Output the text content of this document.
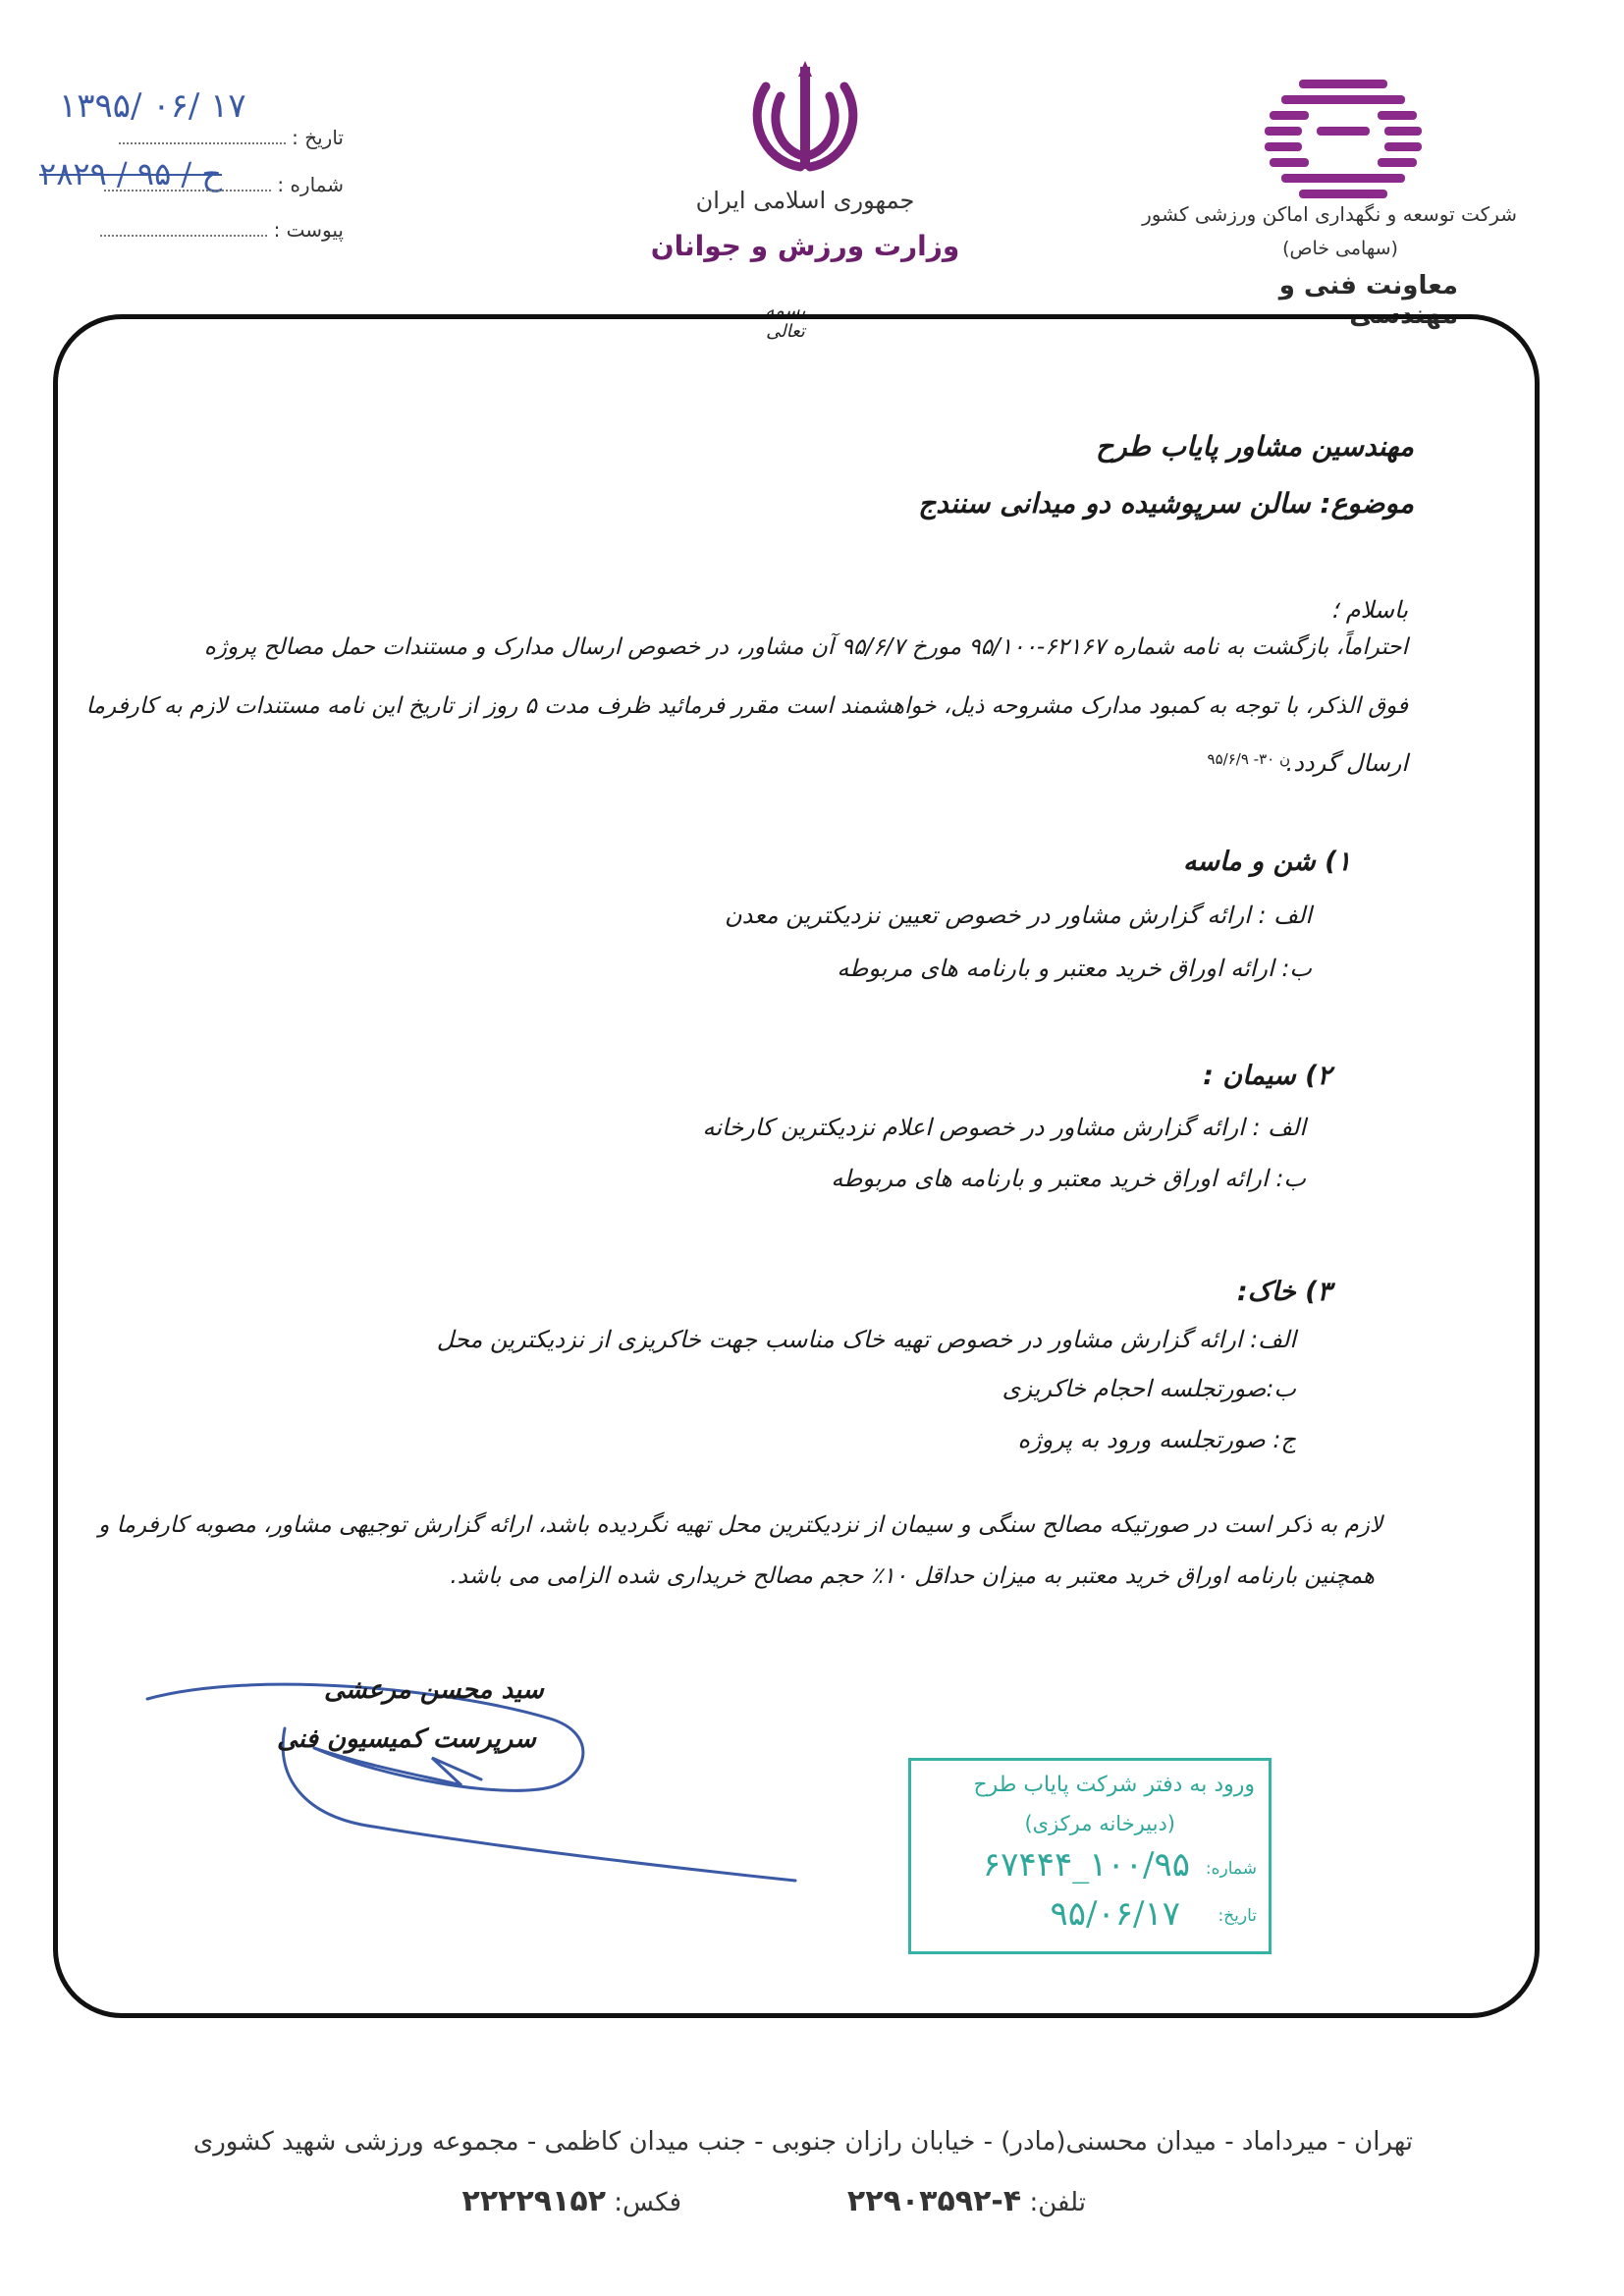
۱۳۹۵/ ۰۶/ ۱۷
تاریخ :
۲۸۲۹ / ۹۵ / ح	شماره :
پیوست :
جمهوری اسلامی ایران
وزارت ورزش و جوانان
شرکت توسعه و نگهداری اماکن ورزشی کشور
(سهامی خاص)
معاونت فنی و مهندسی
بسمه تعالی
مهندسین مشاور پایاب طرح
موضوع: سالن سرپوشیده دو میدانی سنندج
باسلام ؛
احتراماً، بازگشت به نامه شماره ۶۲۱۶۷-۹۵/۱۰۰ مورخ ۹۵/۶/۷ آن مشاور، در خصوص ارسال مدارک و مستندات حمل مصالح پروژه
فوق الذکر، با توجه به کمبود مدارک مشروحه ذیل، خواهشمند است مقرر فرمائید ظرف مدت ۵ روز از تاریخ این نامه مستندات لازم به کارفرما
ارسال گردد.
ن ۳۰- ۹۵/۶/۹
۱) شن و ماسه
الف : ارائه گزارش مشاور در خصوص تعیین نزدیکترین معدن
ب: ارائه اوراق خرید معتبر و بارنامه های مربوطه
۲) سیمان :
الف : ارائه گزارش مشاور در خصوص اعلام نزدیکترین کارخانه
ب: ارائه اوراق خرید معتبر و بارنامه های مربوطه
۳) خاک:
الف: ارائه گزارش مشاور در خصوص تهیه خاک مناسب جهت خاکریزی از نزدیکترین محل
ب:صورتجلسه احجام خاکریزی
ج: صورتجلسه ورود به پروژه
لازم به ذکر است در صورتیکه مصالح سنگی و سیمان از نزدیکترین محل تهیه نگردیده باشد، ارائه گزارش توجیهی مشاور، مصوبه کارفرما و
همچنین بارنامه اوراق خرید معتبر به میزان حداقل ۱۰٪ حجم مصالح خریداری شده الزامی می باشد.
سید محسن مرعشی
سرپرست کمیسیون فنی
ورود به دفتر شرکت پایاب طرح
(دبیرخانه مرکزی)
شماره:
۱۰۰/۹۵_۶۷۴۴۴
تاریخ:
۹۵/۰۶/۱۷
تهران - میرداماد - میدان محسنی(مادر) - خیابان رازان جنوبی - جنب میدان کاظمی - مجموعه ورزشی شهید کشوری
تلفن: ۴-۲۲۹۰۳۵۹۲
فکس: ۲۲۲۲۹۱۵۲
